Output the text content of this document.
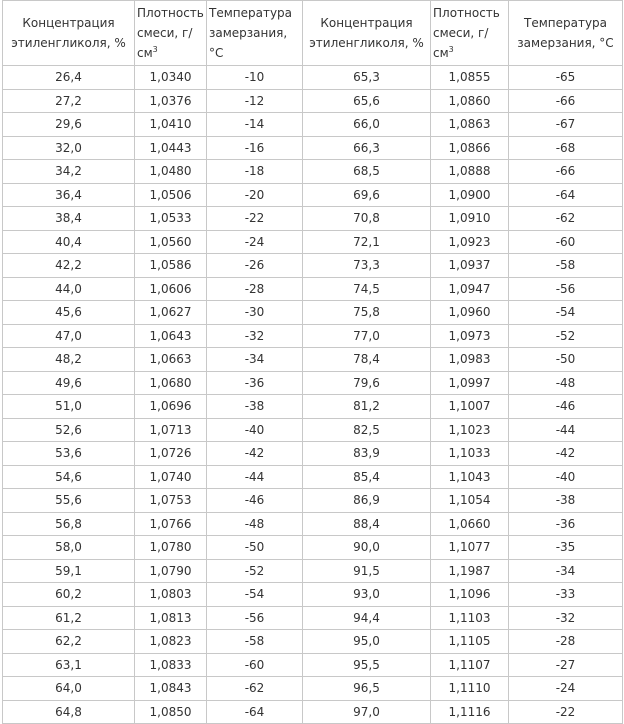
Концентрация этиленгликоля, %	Плотность смеси, $г/см^3$	Температура замерзания, °С	Концентрация этиленгликоля, %	Плотность смеси, $г/см^3$	Температура замерзания, °С
26,4	1,0340	-10	65,3	1,0855	-65
27,2	1,0376	-12	65,6	1,0860	-66
29,6	1,0410	-14	66,0	1,0863	-67
32,0	1,0443	-16	66,3	1,0866	-68
34,2	1,0480	-18	68,5	1,0888	-66
36,4	1,0506	-20	69,6	1,0900	-64
38,4	1,0533	-22	70,8	1,0910	-62
40,4	1,0560	-24	72,1	1,0923	-60
42,2	1,0586	-26	73,3	1,0937	-58
44,0	1,0606	-28	74,5	1,0947	-56
45,6	1,0627	-30	75,8	1,0960	-54
47,0	1,0643	-32	77,0	1,0973	-52
48,2	1,0663	-34	78,4	1,0983	-50
49,6	1,0680	-36	79,6	1,0997	-48
51,0	1,0696	-38	81,2	1,1007	-46
52,6	1,0713	-40	82,5	1,1023	-44
53,6	1,0726	-42	83,9	1,1033	-42
54,6	1,0740	-44	85,4	1,1043	-40
55,6	1,0753	-46	86,9	1,1054	-38
56,8	1,0766	-48	88,4	1,0660	-36
58,0	1,0780	-50	90,0	1,1077	-35
59,1	1,0790	-52	91,5	1,1987	-34
60,2	1,0803	-54	93,0	1,1096	-33
61,2	1,0813	-56	94,4	1,1103	-32
62,2	1,0823	-58	95,0	1,1105	-28
63,1	1,0833	-60	95,5	1,1107	-27
64,0	1,0843	-62	96,5	1,1110	-24
64,8	1,0850	-64	97,0	1,1116	-22
